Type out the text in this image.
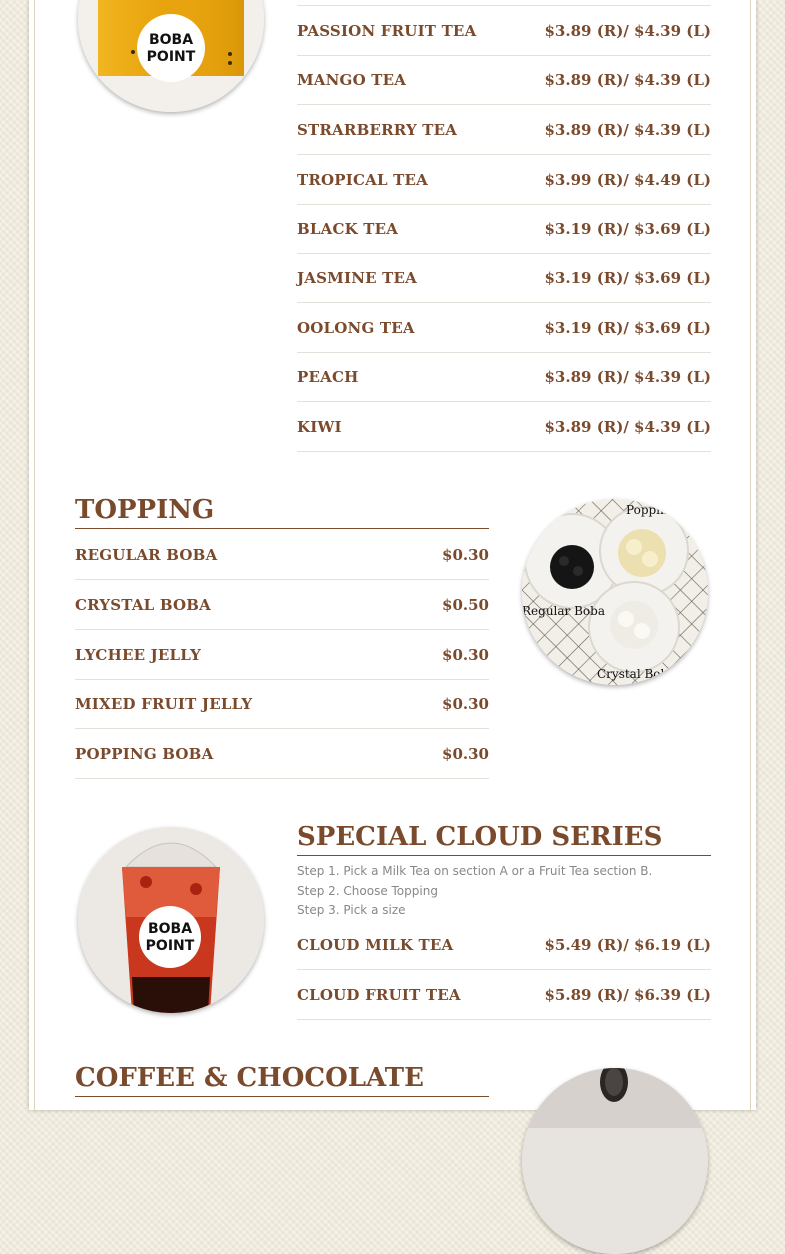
BOBA
POINT
PASSION FRUIT TEA	$3.89 (R)/ $4.39 (L)
MANGO TEA	$3.89 (R)/ $4.39 (L)
STRARBERRY TEA	$3.89 (R)/ $4.39 (L)
TROPICAL TEA	$3.99 (R)/ $4.49 (L)
BLACK TEA	$3.19 (R)/ $3.69 (L)
JASMINE TEA	$3.19 (R)/ $3.69 (L)
OOLONG TEA	$3.19 (R)/ $3.69 (L)
PEACH	$3.89 (R)/ $4.39 (L)
KIWI	$3.89 (R)/ $4.39 (L)
TOPPING
REGULAR BOBA	$0.30
CRYSTAL BOBA	$0.50
LYCHEE JELLY	$0.30
MIXED FRUIT JELLY	$0.30
POPPING BOBA	$0.30
Poppin
Regular Boba
Crystal Bob
BOBA
POINT
SPECIAL CLOUD SERIES
Step 1. Pick a Milk Tea on section A or a Fruit Tea section B.
Step 2. Choose Topping
Step 3. Pick a size
CLOUD MILK TEA	$5.49 (R)/ $6.19 (L)
CLOUD FRUIT TEA	$5.89 (R)/ $6.39 (L)
COFFEE & CHOCOLATE
